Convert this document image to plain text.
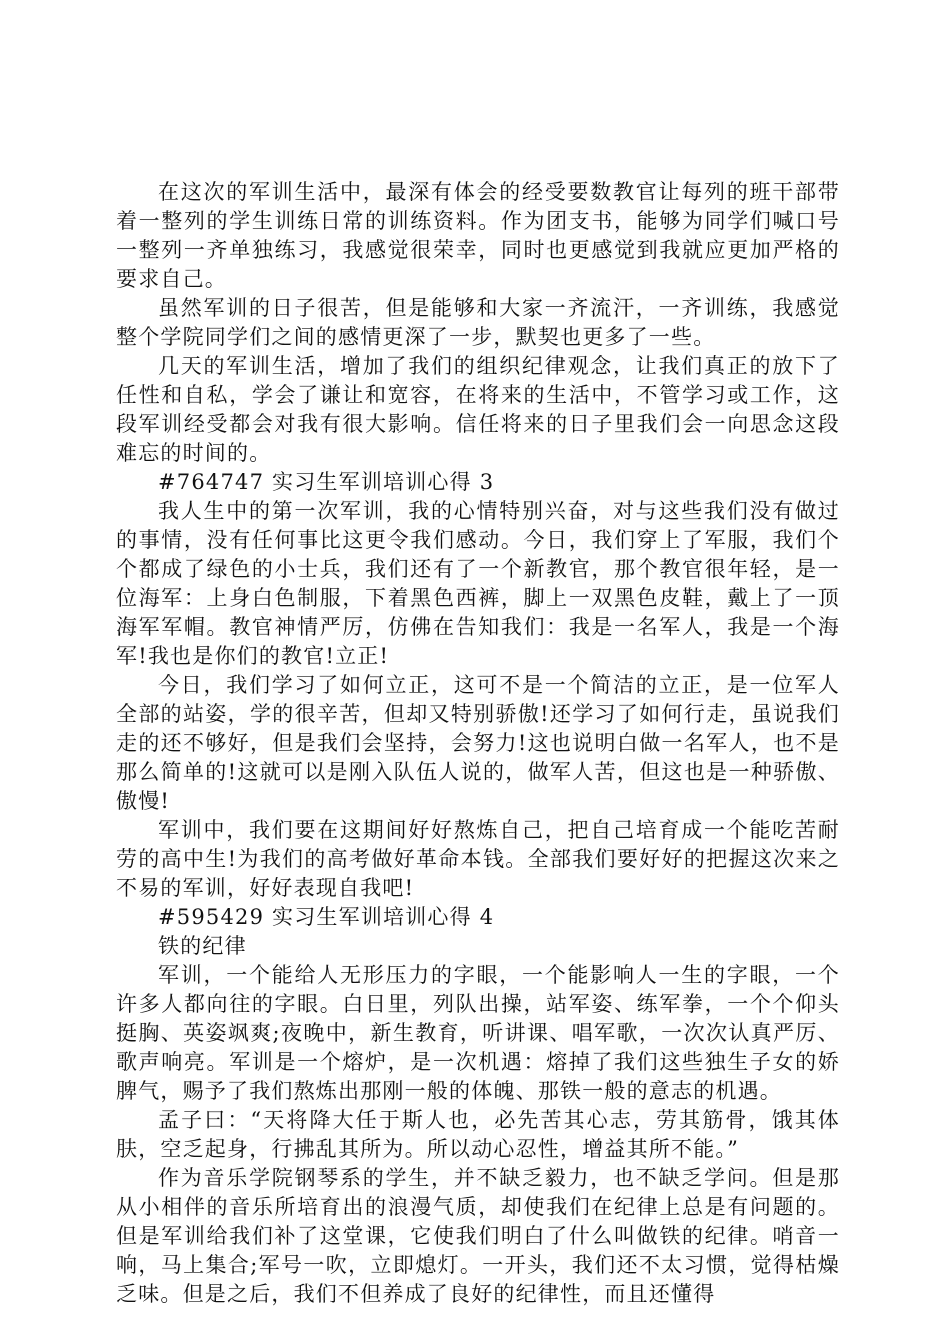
在这次的军训生活中，最深有体会的经受要数教官让每列的班干部带着一整列的学生训练日常的训练资料。作为团支书，能够为同学们喊口号一整列一齐单独练习，我感觉很荣幸，同时也更感觉到我就应更加严格的要求自己。

虽然军训的日子很苦，但是能够和大家一齐流汗，一齐训练，我感觉整个学院同学们之间的感情更深了一步，默契也更多了一些。

几天的军训生活，增加了我们的组织纪律观念，让我们真正的放下了任性和自私，学会了谦让和宽容，在将来的生活中，不管学习或工作，这段军训经受都会对我有很大影响。信任将来的日子里我们会一向思念这段难忘的时间的。

#764747 实习生军训培训心得 3

我人生中的第一次军训，我的心情特别兴奋，对与这些我们没有做过的事情，没有任何事比这更令我们感动。今日，我们穿上了军服，我们个个都成了绿色的小士兵，我们还有了一个新教官，那个教官很年轻，是一位海军：上身白色制服，下着黑色西裤，脚上一双黑色皮鞋，戴上了一顶海军军帽。教官神情严厉，仿佛在告知我们：我是一名军人，我是一个海军!我也是你们的教官!立正!

今日，我们学习了如何立正，这可不是一个简洁的立正，是一位军人全部的站姿，学的很辛苦，但却又特别骄傲!还学习了如何行走，虽说我们走的还不够好，但是我们会坚持，会努力!这也说明白做一名军人，也不是那么简单的!这就可以是刚入队伍人说的，做军人苦，但这也是一种骄傲、傲慢!

军训中，我们要在这期间好好熬炼自己，把自己培育成一个能吃苦耐劳的高中生!为我们的高考做好革命本钱。全部我们要好好的把握这次来之不易的军训，好好表现自我吧!

#595429 实习生军训培训心得 4

铁的纪律

军训，一个能给人无形压力的字眼，一个能影响人一生的字眼，一个许多人都向往的字眼。白日里，列队出操，站军姿、练军拳，一个个仰头挺胸、英姿飒爽;夜晚中，新生教育，听讲课、唱军歌，一次次认真严厉、歌声响亮。军训是一个熔炉，是一次机遇：熔掉了我们这些独生子女的娇脾气，赐予了我们熬炼出那刚一般的体魄、那铁一般的意志的机遇。

孟子曰：“天将降大任于斯人也，必先苦其心志，劳其筋骨，饿其体肤，空乏起身，行拂乱其所为。所以动心忍性，增益其所不能。”

作为音乐学院钢琴系的学生，并不缺乏毅力，也不缺乏学问。但是那从小相伴的音乐所培育出的浪漫气质，却使我们在纪律上总是有问题的。但是军训给我们补了这堂课，它使我们明白了什么叫做铁的纪律。哨音一响，马上集合;军号一吹，立即熄灯。一开头，我们还不太习惯，觉得枯燥乏味。但是之后，我们不但养成了良好的纪律性，而且还懂得
